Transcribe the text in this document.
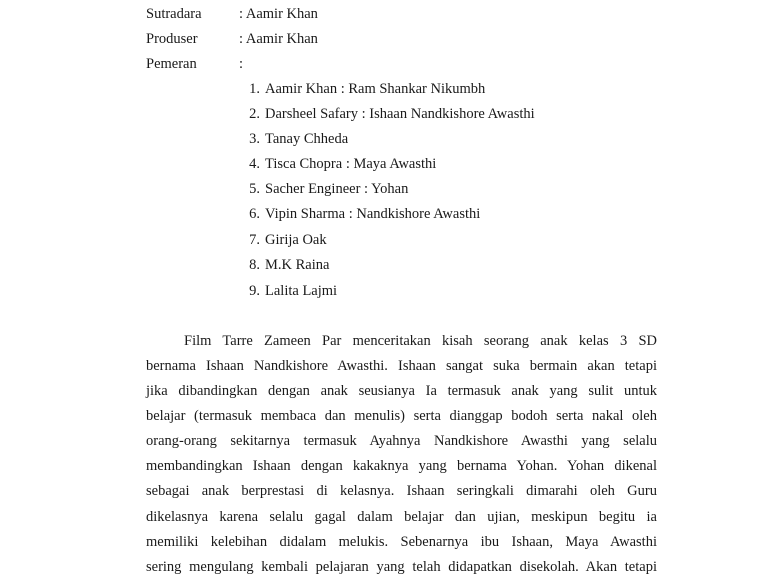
Sutradara	: Aamir Khan
Produser	: Aamir Khan
Pemeran	:
1. Aamir Khan : Ram Shankar Nikumbh
2. Darsheel Safary : Ishaan Nandkishore Awasthi
3. Tanay Chheda
4. Tisca Chopra : Maya Awasthi
5. Sacher Engineer : Yohan
6. Vipin Sharma : Nandkishore Awasthi
7. Girija Oak
8. M.K Raina
9. Lalita Lajmi
Film Tarre Zameen Par menceritakan kisah seorang anak kelas 3 SD
bernama Ishaan Nandkishore Awasthi. Ishaan sangat suka bermain akan tetapi
jika dibandingkan dengan anak seusianya Ia termasuk anak yang sulit untuk
belajar (termasuk membaca dan menulis) serta dianggap bodoh serta nakal oleh
orang-orang sekitarnya termasuk Ayahnya Nandkishore Awasthi yang selalu
membandingkan Ishaan dengan kakaknya yang bernama Yohan. Yohan dikenal
sebagai anak berprestasi di kelasnya. Ishaan seringkali dimarahi oleh Guru
dikelasnya karena selalu gagal dalam belajar dan ujian, meskipun begitu ia
memiliki kelebihan didalam melukis. Sebenarnya ibu Ishaan, Maya Awasthi
sering mengulang kembali pelajaran yang telah didapatkan disekolah. Akan tetapi
